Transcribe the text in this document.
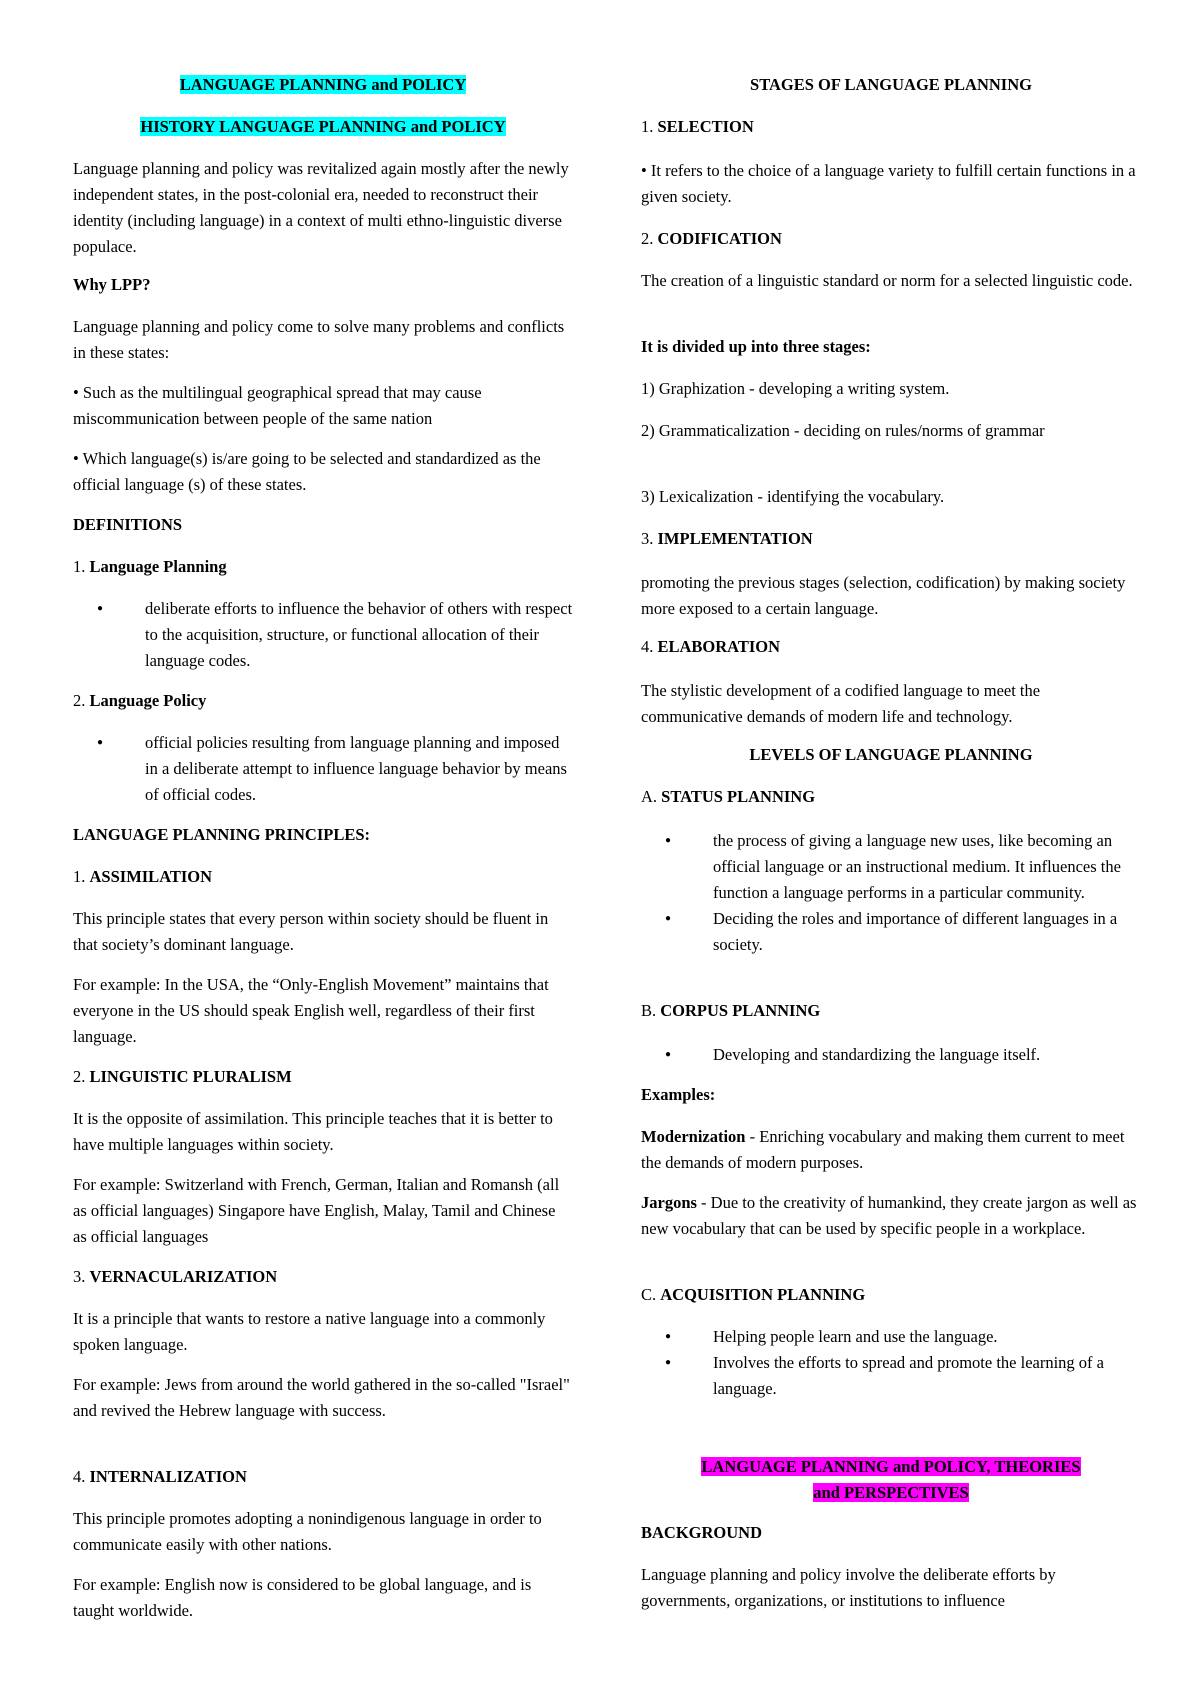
LANGUAGE PLANNING and POLICY

HISTORY LANGUAGE PLANNING and POLICY

Language planning and policy was revitalized again mostly after the newly independent states, in the post-colonial era, needed to reconstruct their identity (including language) in a context of multi ethno-linguistic diverse populace.

Why LPP?

Language planning and policy come to solve many problems and conflicts in these states:

• Such as the multilingual geographical spread that may cause miscommunication between people of the same nation

• Which language(s) is/are going to be selected and standardized as the official language (s) of these states.

DEFINITIONS

1. Language Planning

● deliberate efforts to influence the behavior of others with respect to the acquisition, structure, or functional allocation of their language codes.

2. Language Policy

● official policies resulting from language planning and imposed in a deliberate attempt to influence language behavior by means of official codes.

LANGUAGE PLANNING PRINCIPLES:

1. ASSIMILATION

This principle states that every person within society should be fluent in that society’s dominant language.

For example: In the USA, the “Only-English Movement” maintains that everyone in the US should speak English well, regardless of their first language.

2. LINGUISTIC PLURALISM

It is the opposite of assimilation. This principle teaches that it is better to have multiple languages within society.

For example: Switzerland with French, German, Italian and Romansh (all as official languages) Singapore have English, Malay, Tamil and Chinese as official languages

3. VERNACULARIZATION

It is a principle that wants to restore a native language into a commonly spoken language.

For example: Jews from around the world gathered in the so-called "Israel" and revived the Hebrew language with success.

4. INTERNALIZATION

This principle promotes adopting a nonindigenous language in order to communicate easily with other nations.

For example: English now is considered to be global language, and is taught worldwide.

STAGES OF LANGUAGE PLANNING

1. SELECTION

• It refers to the choice of a language variety to fulfill certain functions in a given society.

2. CODIFICATION

The creation of a linguistic standard or norm for a selected linguistic code.

It is divided up into three stages:

1) Graphization - developing a writing system.

2) Grammaticalization - deciding on rules/norms of grammar

3) Lexicalization - identifying the vocabulary.

3. IMPLEMENTATION

promoting the previous stages (selection, codification) by making society more exposed to a certain language.

4. ELABORATION

The stylistic development of a codified language to meet the communicative demands of modern life and technology.

LEVELS OF LANGUAGE PLANNING

A. STATUS PLANNING

● the process of giving a language new uses, like becoming an official language or an instructional medium. It influences the function a language performs in a particular community.
● Deciding the roles and importance of different languages in a society.

B. CORPUS PLANNING

● Developing and standardizing the language itself.

Examples:

Modernization - Enriching vocabulary and making them current to meet the demands of modern purposes.

Jargons - Due to the creativity of humankind, they create jargon as well as new vocabulary that can be used by specific people in a workplace.

C. ACQUISITION PLANNING

● Helping people learn and use the language.
● Involves the efforts to spread and promote the learning of a language.

LANGUAGE PLANNING and POLICY, THEORIES
and PERSPECTIVES

BACKGROUND

Language planning and policy involve the deliberate efforts by governments, organizations, or institutions to influence
